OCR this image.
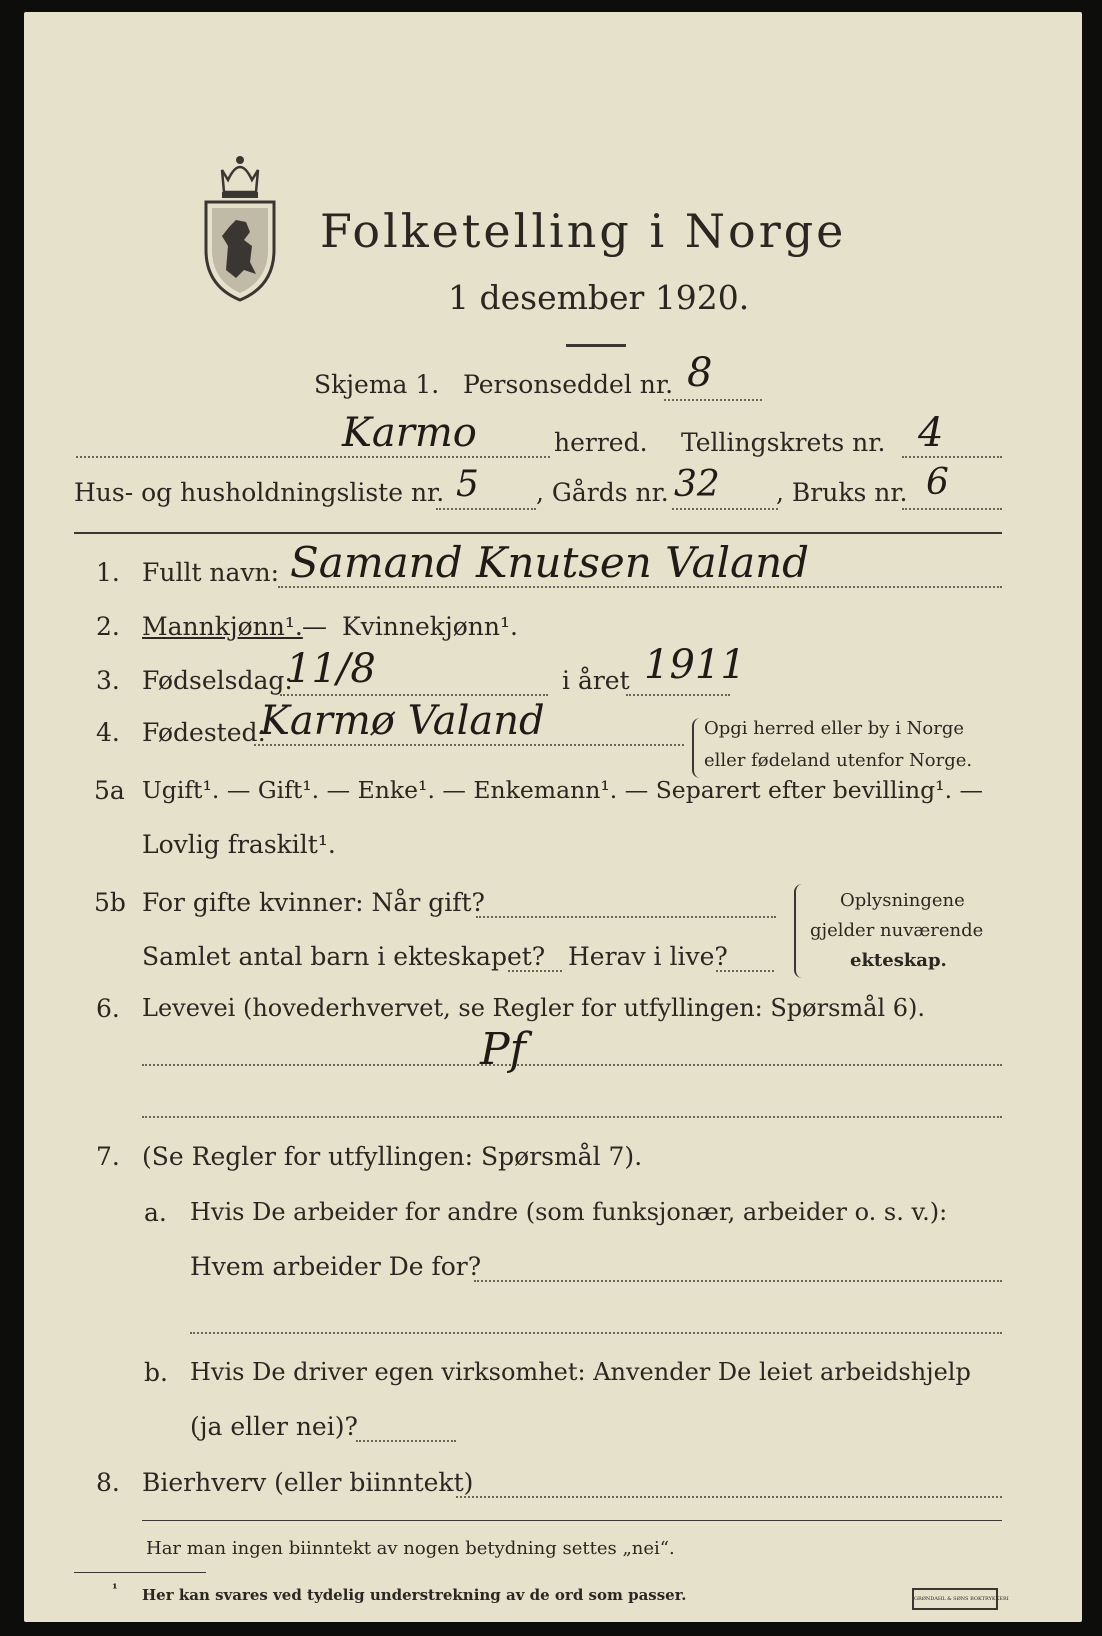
Folketelling i Norge
1 desember 1920.
Skjema 1. Personseddel nr. 8
Karmo	herred. Tellingskrets nr. 4
Hus- og husholdningsliste nr. 5 , Gårds nr. 32 , Bruks nr. 6
1. Fullt navn: Samand Knutsen Valand
2. Mannkjønn¹. — Kvinnekjønn¹.
3. Fødselsdag:
11/8	i året 1911
4. Fødested:
Karmø Valand	Opgi herred eller by i Norge
eller fødeland utenfor Norge.
5a Ugift¹. — Gift¹. — Enke¹. — Enkemann¹. — Separert efter bevilling¹. —
Lovlig fraskilt¹.
5b For gifte kvinner: Når gift?
Samlet antal barn i ekteskapet? Herav i live?
Oplysningene
gjelder nuværende
ekteskap.
6. Levevei (hovederhvervet, se Regler for utfyllingen: Spørsmål 6).
Pf
7. (Se Regler for utfyllingen: Spørsmål 7).
a. Hvis De arbeider for andre (som funksjonær, arbeider o. s. v.):
Hvem arbeider De for?
b. Hvis De driver egen virksomhet: Anvender De leiet arbeidshjelp
(ja eller nei)?
8. Bierhverv (eller biinntekt)
Har man ingen biinntekt av nogen betydning settes „nei“.
¹ Her kan svares ved tydelig understrekning av de ord som passer.	GRØNDAHL & SØNS BOKTRYKKERI
